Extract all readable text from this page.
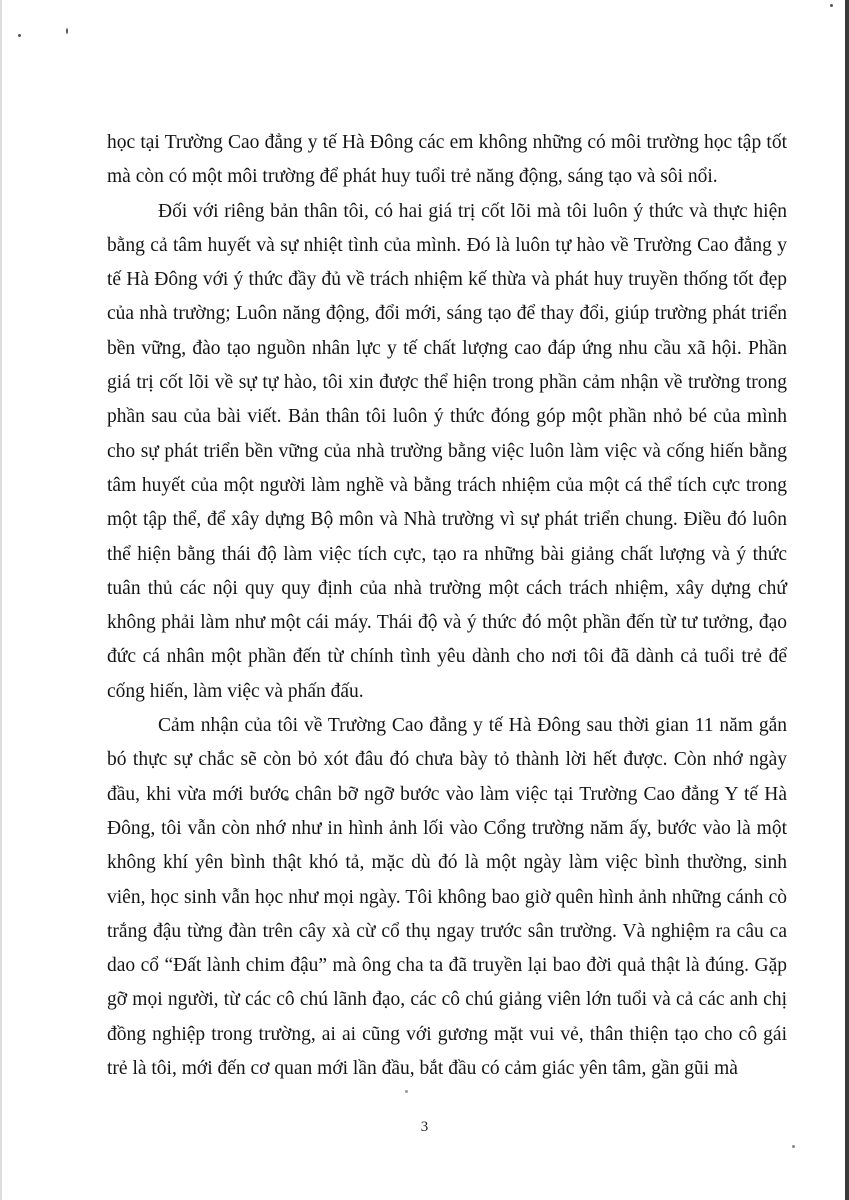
học tại Trường Cao đẳng y tế Hà Đông các em không những có môi trường học tập tốt
mà còn có một môi trường để phát huy tuổi trẻ năng động, sáng tạo và sôi nổi.
Đối với riêng bản thân tôi, có hai giá trị cốt lõi mà tôi luôn ý thức và thực hiện
bằng cả tâm huyết và sự nhiệt tình của mình. Đó là luôn tự hào về Trường Cao đẳng y
tế Hà Đông với ý thức đầy đủ về trách nhiệm kế thừa và phát huy truyền thống tốt đẹp
của nhà trường; Luôn năng động, đổi mới, sáng tạo để thay đổi, giúp trường phát triển
bền vững, đào tạo nguồn nhân lực y tế chất lượng cao đáp ứng nhu cầu xã hội. Phần
giá trị cốt lõi về sự tự hào, tôi xin được thể hiện trong phần cảm nhận về trường trong
phần sau của bài viết. Bản thân tôi luôn ý thức đóng góp một phần nhỏ bé của mình
cho sự phát triển bền vững của nhà trường bằng việc luôn làm việc và cống hiến bằng
tâm huyết của một người làm nghề và bằng trách nhiệm của một cá thể tích cực trong
một tập thể, để xây dựng Bộ môn và Nhà trường vì sự phát triển chung. Điều đó luôn
thể hiện bằng thái độ làm việc tích cực, tạo ra những bài giảng chất lượng và ý thức
tuân thủ các nội quy quy định của nhà trường một cách trách nhiệm, xây dựng chứ
không phải làm như một cái máy. Thái độ và ý thức đó một phần đến từ tư tưởng, đạo
đức cá nhân một phần đến từ chính tình yêu dành cho nơi tôi đã dành cả tuổi trẻ để
cống hiến, làm việc và phấn đấu.
Cảm nhận của tôi về Trường Cao đẳng y tế Hà Đông sau thời gian 11 năm gắn
bó thực sự chắc sẽ còn bỏ xót đâu đó chưa bày tỏ thành lời hết được. Còn nhớ ngày
đầu, khi vừa mới bước chân bỡ ngỡ bước vào làm việc tại Trường Cao đẳng Y tế Hà
Đông, tôi vẫn còn nhớ như in hình ảnh lối vào Cổng trường năm ấy, bước vào là một
không khí yên bình thật khó tả, mặc dù đó là một ngày làm việc bình thường, sinh
viên, học sinh vẫn học như mọi ngày. Tôi không bao giờ quên hình ảnh những cánh cò
trắng đậu từng đàn trên cây xà cừ cổ thụ ngay trước sân trường. Và nghiệm ra câu ca
dao cổ “Đất lành chim đậu” mà ông cha ta đã truyền lại bao đời quả thật là đúng. Gặp
gỡ mọi người, từ các cô chú lãnh đạo, các cô chú giảng viên lớn tuổi và cả các anh chị
đồng nghiệp trong trường, ai ai cũng với gương mặt vui vẻ, thân thiện tạo cho cô gái
trẻ là tôi, mới đến cơ quan mới lần đầu, bắt đầu có cảm giác yên tâm, gần gũi mà
3
